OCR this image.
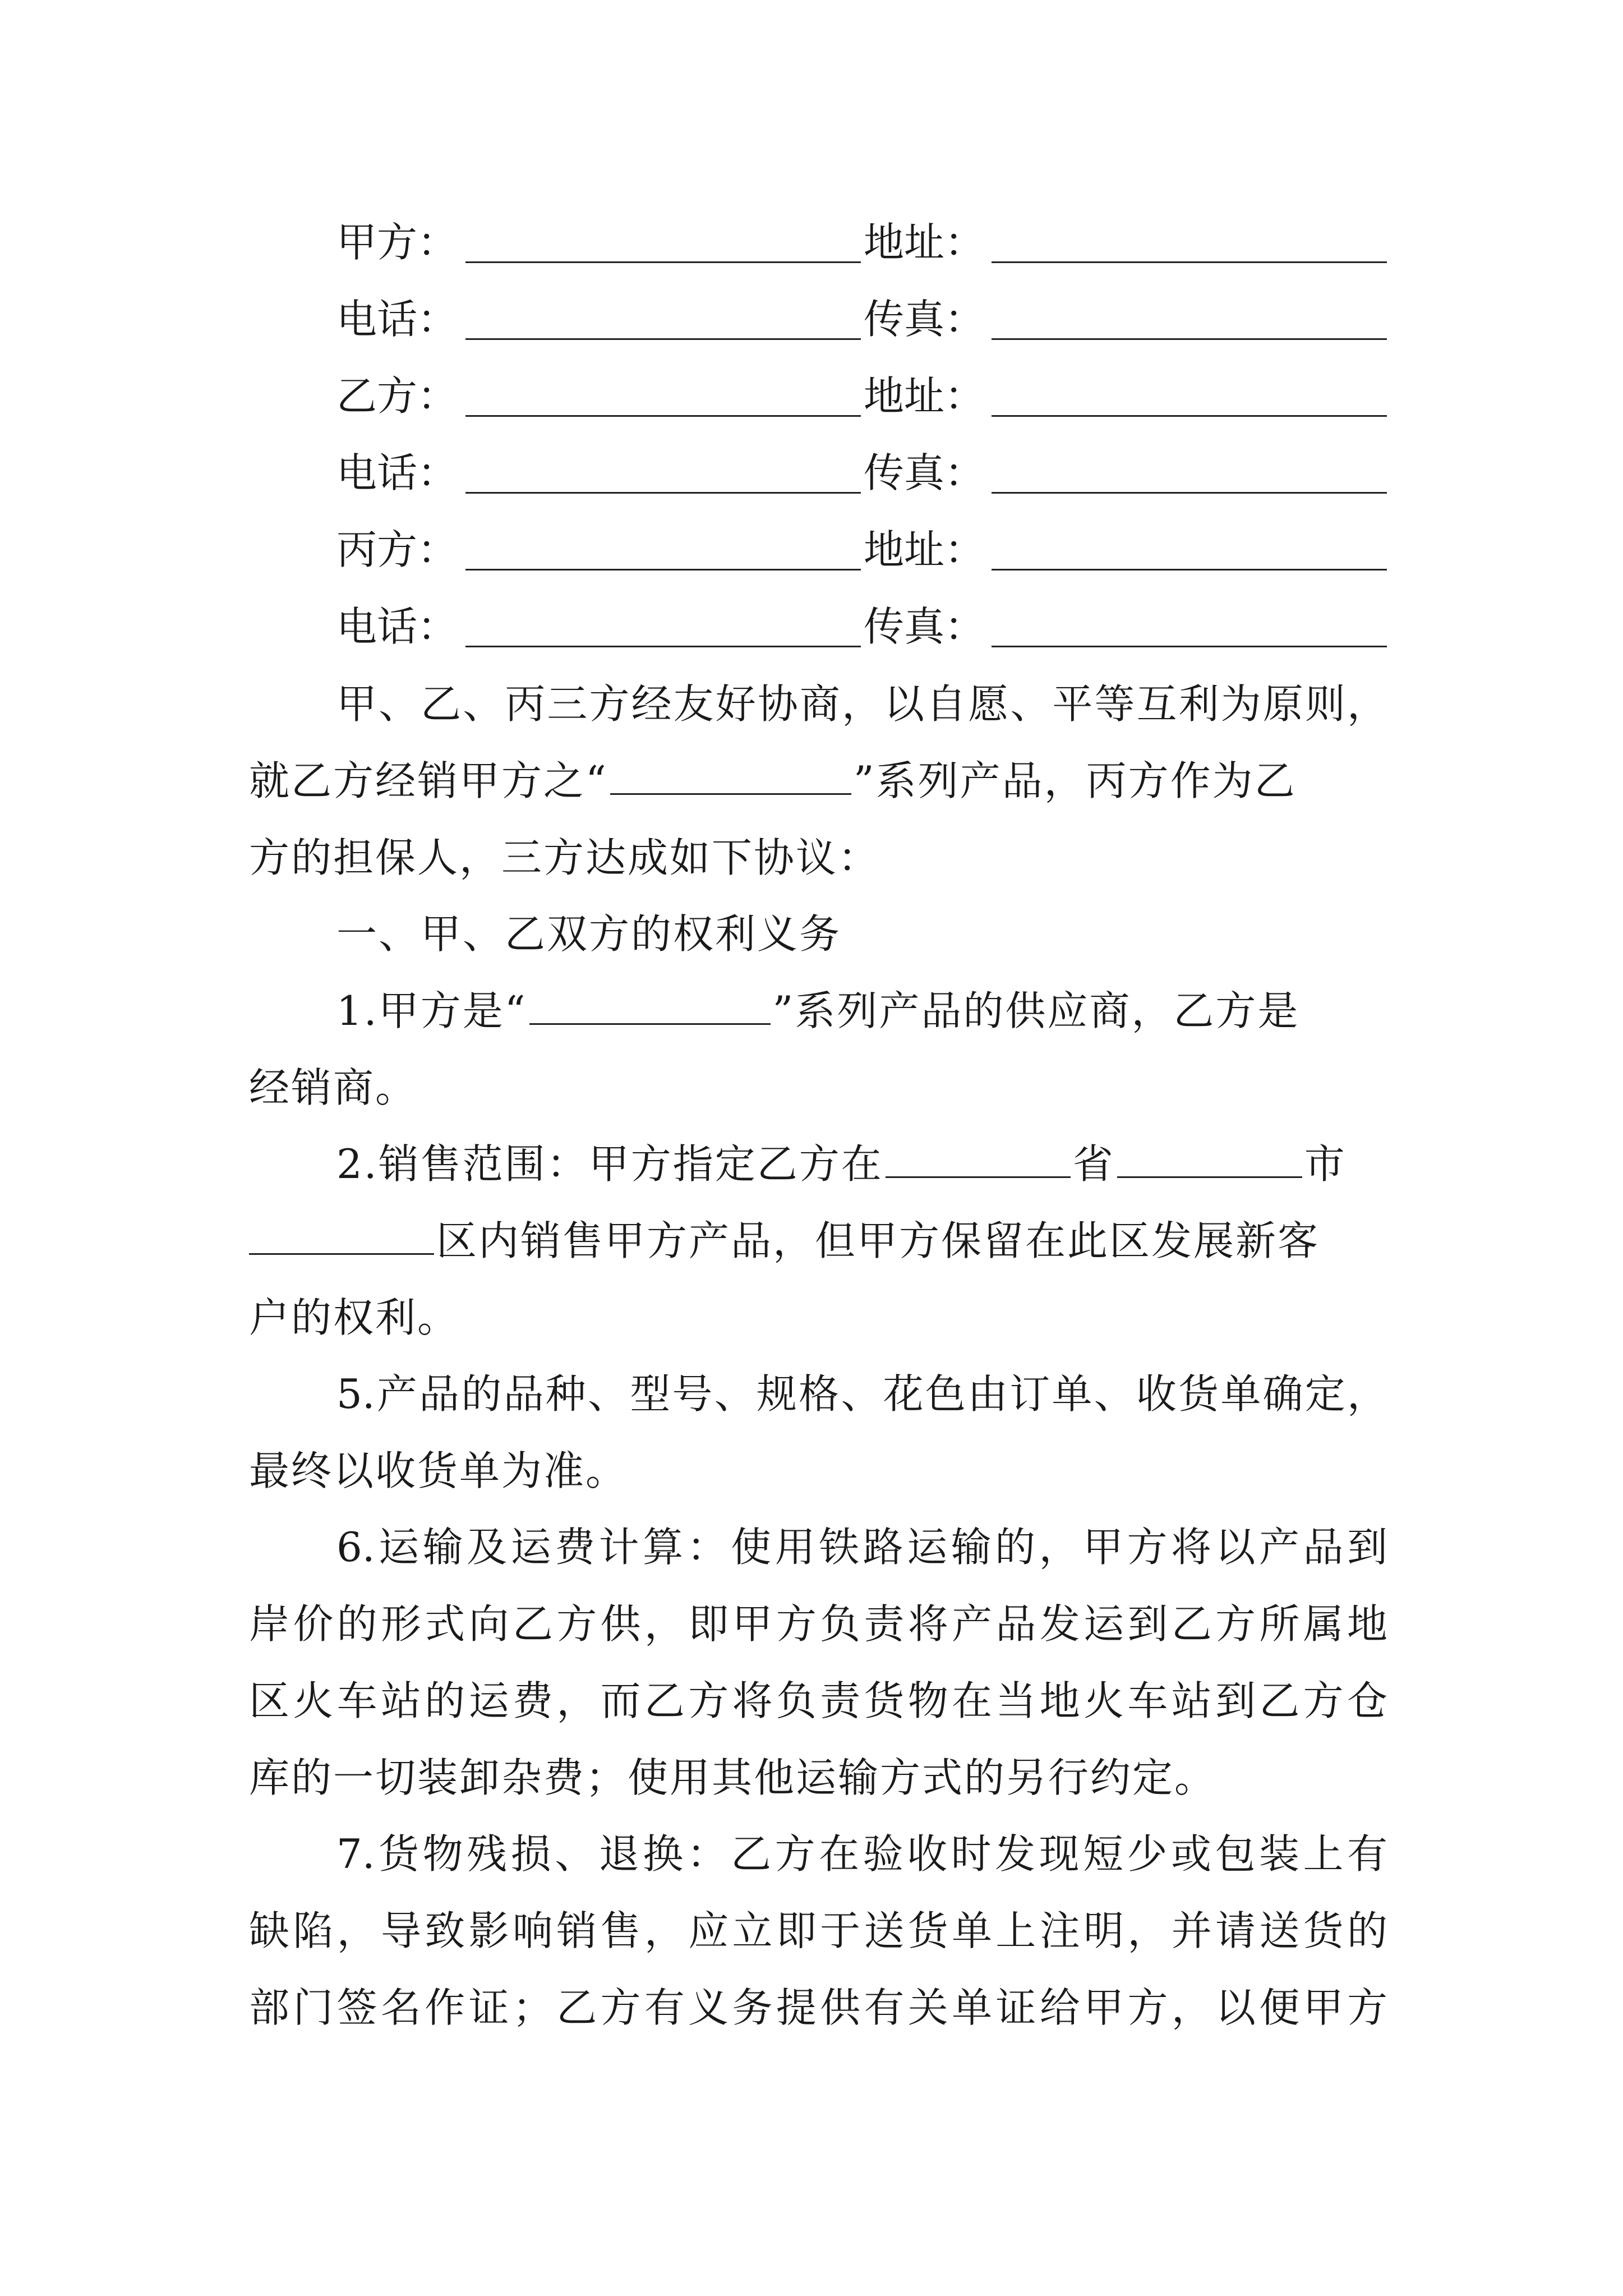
甲方：	地址：
电话：	传真：
乙方：	地址：
电话：	传真：
丙方：	地址：
电话：	传真：
甲、乙、丙三方经友好协商，以自愿、平等互利为原则，
就乙方经销甲方之“	”系列产品，丙方作为乙
方的担保人，三方达成如下协议：
一、甲、乙双方的权利义务
1.甲方是“	”系列产品的供应商，乙方是
经销商。
2.销售范围：甲方指定乙方在	省	市
区内销售甲方产品，但甲方保留在此区发展新客
户的权利。
5.产品的品种、型号、规格、花色由订单、收货单确定，
最终以收货单为准。
6.运输及运费计算：使用铁路运输的，甲方将以产品到
岸价的形式向乙方供，即甲方负责将产品发运到乙方所属地
区火车站的运费，而乙方将负责货物在当地火车站到乙方仓
库的一切装卸杂费；使用其他运输方式的另行约定。
7.货物残损、退换：乙方在验收时发现短少或包装上有
缺陷，导致影响销售，应立即于送货单上注明，并请送货的
部门签名作证；乙方有义务提供有关单证给甲方，以便甲方
